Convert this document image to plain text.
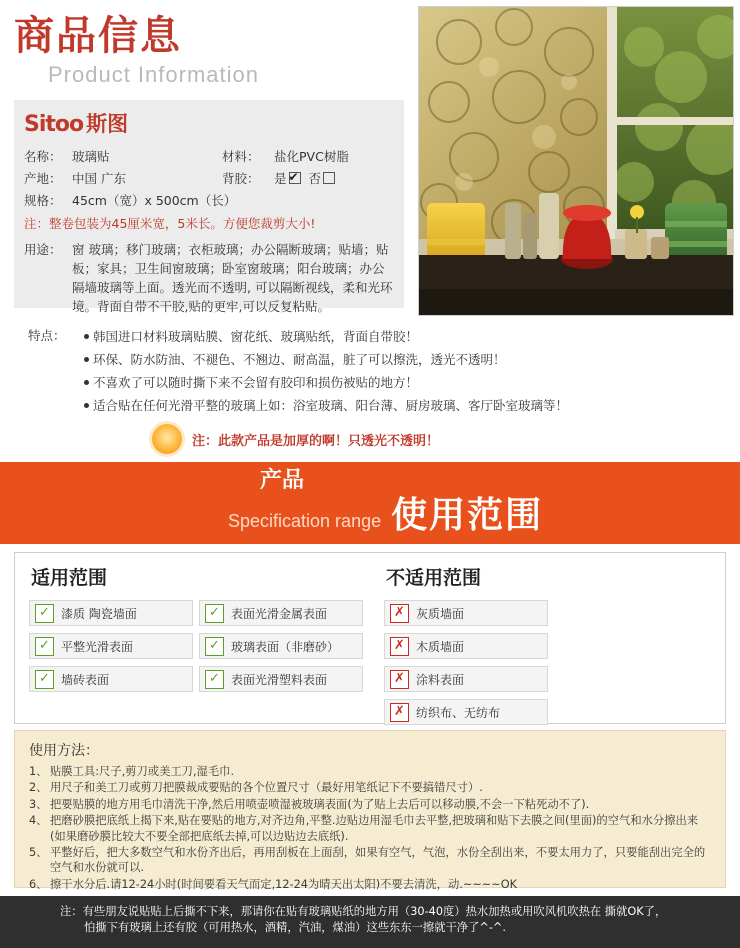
商品信息
Product Information
Sitoo 斯图
名称： 玻璃贴	材料：	盐化PVC树脂
产地： 中国 广东	背胶：	是 ✔ 否
规格： 45cm（宽）x 500cm（长）
注：整卷包装为45厘米宽，5米长。方便您裁剪大小!
用途： 窗 玻璃；移门玻璃；衣柜玻璃；办公隔断玻璃；贴墙；贴板；家具；卫生间窗玻璃；卧室窗玻璃；阳台玻璃；办公隔墙玻璃等上面。透光而不透明, 可以隔断视线，柔和光环境。背面自带不干胶,贴的更牢,可以反复粘贴。
特点：	韩国进口材料玻璃贴膜、窗花纸、玻璃贴纸，背面自带胶！
环保、防水防油、不褪色、不翘边、耐高温，脏了可以擦洗，透光不透明！
不喜欢了可以随时撕下来不会留有胶印和损伤被贴的地方！
适合贴在任何光滑平整的玻璃上如：浴室玻璃、阳台薄、厨房玻璃、客厅卧室玻璃等！
注：此款产品是加厚的啊！只透光不透明！
产品
Specification range 使用范围
适用范围
✓ 漆质 陶瓷墙面	✓ 表面光滑金属表面
✓ 平整光滑表面	✓ 玻璃表面（非磨砂）
✓ 墙砖表面	✓ 表面光滑塑料表面
不适用范围
✗ 灰质墙面
✗ 木质墙面
✗ 涂料表面
✗ 纺织布、无纺布
使用方法：
1、 贴膜工具:尺子,剪刀或美工刀,湿毛巾.
2、 用尺子和美工刀或剪刀把膜裁成要贴的各个位置尺寸（最好用笔纸记下不要搞错尺寸）.
3、 把要贴膜的地方用毛巾清洗干净,然后用喷壶喷湿被玻璃表面(为了贴上去后可以移动膜,不会一下粘死动不了).
4、 把磨砂膜把底纸上揭下来,贴在要贴的地方,对齐边角,平整.边贴边用湿毛巾去平整,把玻璃和贴下去膜之间(里面)的空气和水分擦出来(如果磨砂膜比较大不要全部把底纸去掉,可以边贴边去底纸).
5、 平整好后，把大多数空气和水份齐出后，再用刮板在上面刮，如果有空气，气泡，水份全刮出来，不要太用力了，只要能刮出完全的空气和水份就可以.
6、 擦干水分后.请12-24小时(时间要看天气而定,12-24为晴天出太阳)不要去清洗，动.~~~~OK
注：有些朋友说贴贴上后撕不下来，那请你在贴有玻璃贴纸的地方用（30-40度）热水加热或用吹风机吹热在 撕就OK了，
怕撕下有玻璃上还有胶（可用热水，酒精，汽油，煤油）这些东东一擦就干净了^-^.
